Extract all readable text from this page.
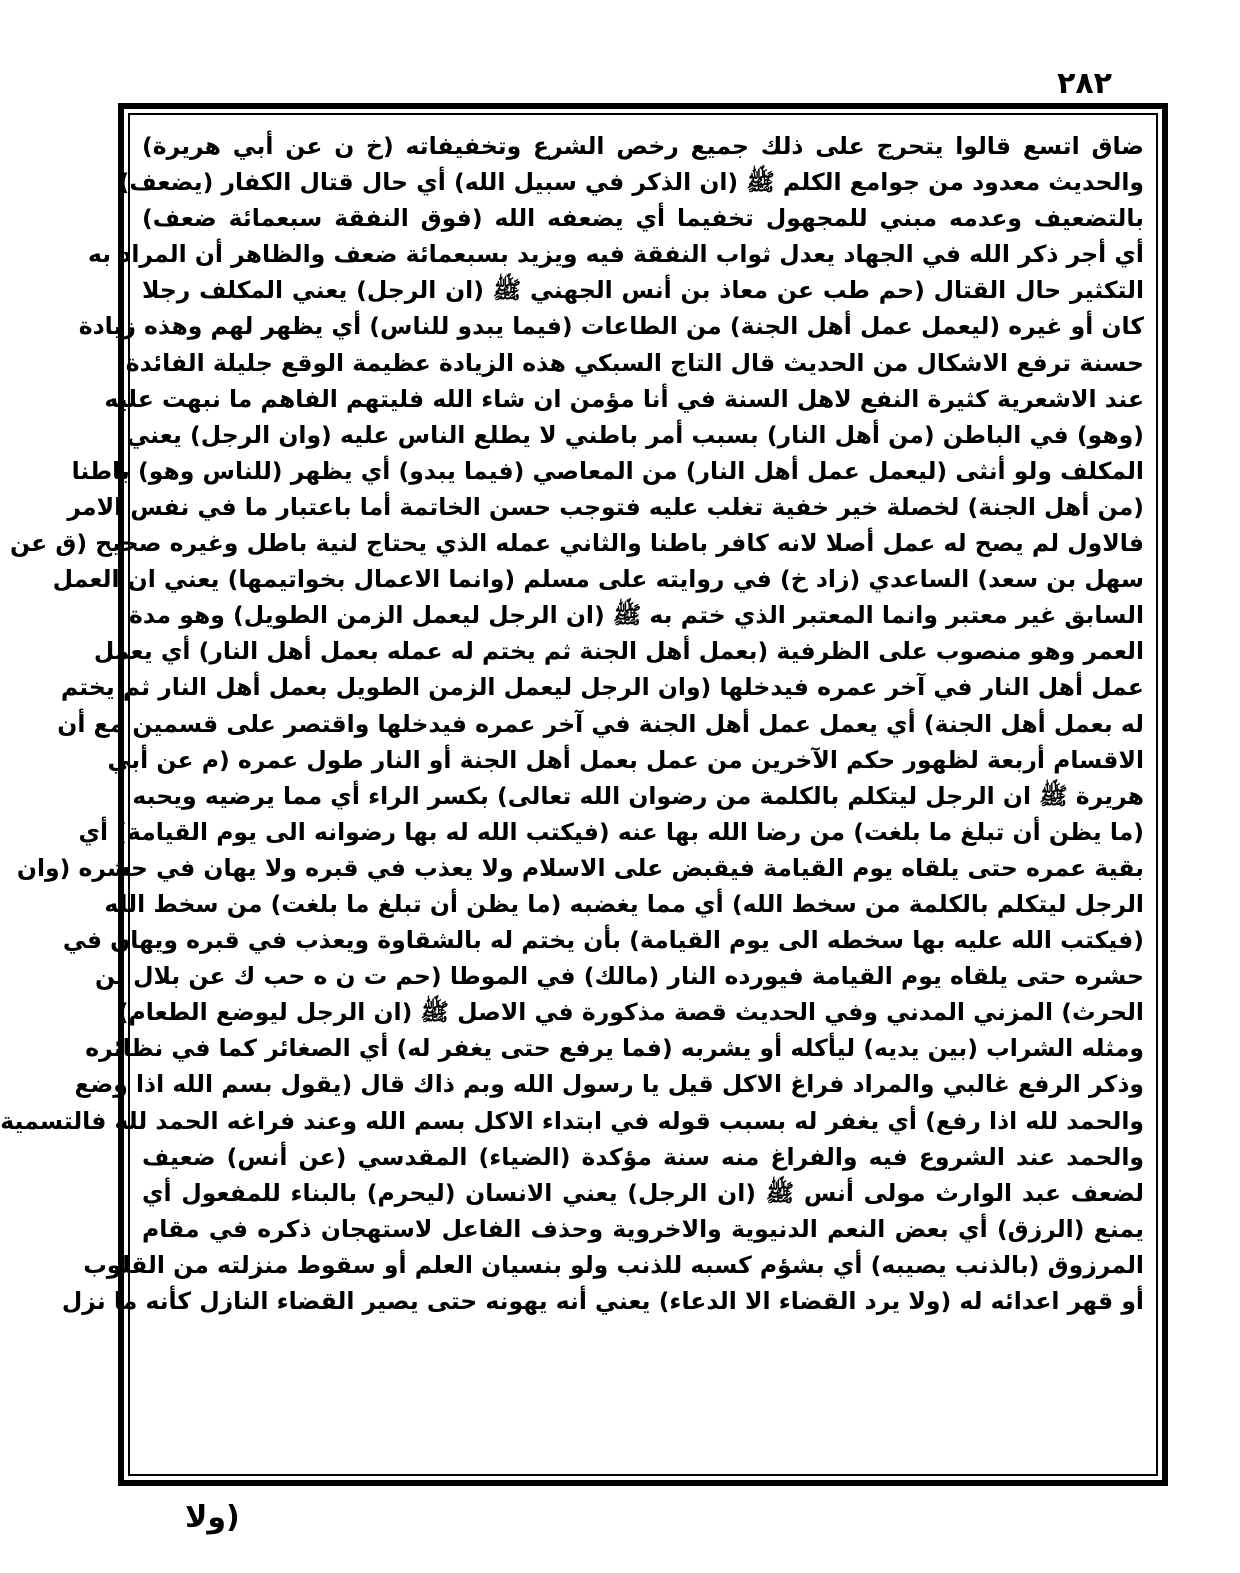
٢٨٢
ضاق اتسع قالوا يتحرج على ذلك جميع رخص الشرع وتخفيفاته (خ ن عن أبي هريرة)
والحديث معدود من جوامع الكلم ﷺ (ان الذكر في سبيل الله) أي حال قتال الكفار (يضعف)
بالتضعيف وعدمه مبني للمجهول تخفيما أي يضعفه الله (فوق النفقة سبعمائة ضعف)
أي أجر ذكر الله في الجهاد يعدل ثواب النفقة فيه ويزيد بسبعمائة ضعف والظاهر أن المراد به
التكثير حال القتال (حم طب عن معاذ بن أنس الجهني ﷺ (ان الرجل) يعني المكلف رجلا
كان أو غيره (ليعمل عمل أهل الجنة) من الطاعات (فيما يبدو للناس) أي يظهر لهم وهذه زيادة
حسنة ترفع الاشكال من الحديث قال التاج السبكي هذه الزيادة عظيمة الوقع جليلة الفائدة
عند الاشعرية كثيرة النفع لاهل السنة في أنا مؤمن ان شاء الله فليتهم الفاهم ما نبهت عليه
(وهو) في الباطن (من أهل النار) بسبب أمر باطني لا يطلع الناس عليه (وان الرجل) يعني
المكلف ولو أنثى (ليعمل عمل أهل النار) من المعاصي (فيما يبدو) أي يظهر (للناس وهو) باطنا
(من أهل الجنة) لخصلة خير خفية تغلب عليه فتوجب حسن الخاتمة أما باعتبار ما في نفس الامر
فالاول لم يصح له عمل أصلا لانه كافر باطنا والثاني عمله الذي يحتاج لنية باطل وغيره صحيح (ق عن
سهل بن سعد) الساعدي (زاد خ) في روايته على مسلم (وانما الاعمال بخواتيمها) يعني ان العمل
السابق غير معتبر وانما المعتبر الذي ختم به ﷺ (ان الرجل ليعمل الزمن الطويل) وهو مدة
العمر وهو منصوب على الظرفية (بعمل أهل الجنة ثم يختم له عمله بعمل أهل النار) أي يعمل
عمل أهل النار في آخر عمره فيدخلها (وان الرجل ليعمل الزمن الطويل بعمل أهل النار ثم يختم
له بعمل أهل الجنة) أي يعمل عمل أهل الجنة في آخر عمره فيدخلها واقتصر على قسمين مع أن
الاقسام أربعة لظهور حكم الآخرين من عمل بعمل أهل الجنة أو النار طول عمره (م عن أبي
هريرة ﷺ ان الرجل ليتكلم بالكلمة من رضوان الله تعالى) بكسر الراء أي مما يرضيه ويحبه
(ما يظن أن تبلغ ما بلغت) من رضا الله بها عنه (فيكتب الله له بها رضوانه الى يوم القيامة) أي
بقية عمره حتى يلقاه يوم القيامة فيقبض على الاسلام ولا يعذب في قبره ولا يهان في حشره (وان
الرجل ليتكلم بالكلمة من سخط الله) أي مما يغضبه (ما يظن أن تبلغ ما بلغت) من سخط الله
(فيكتب الله عليه بها سخطه الى يوم القيامة) بأن يختم له بالشقاوة ويعذب في قبره ويهان في
حشره حتى يلقاه يوم القيامة فيورده النار (مالك) في الموطا (حم ت ن ه حب ك عن بلال بن
الحرث) المزني المدني وفي الحديث قصة مذكورة في الاصل ﷺ (ان الرجل ليوضع الطعام)
ومثله الشراب (بين يديه) ليأكله أو يشربه (فما يرفع حتى يغفر له) أي الصغائر كما في نظائره
وذكر الرفع غالبي والمراد فراغ الاكل قيل يا رسول الله وبم ذاك قال (يقول بسم الله اذا وضع
والحمد لله اذا رفع) أي يغفر له بسبب قوله في ابتداء الاكل بسم الله وعند فراغه الحمد لله فالتسمية
والحمد عند الشروع فيه والفراغ منه سنة مؤكدة (الضياء) المقدسي (عن أنس) ضعيف
لضعف عبد الوارث مولى أنس ﷺ (ان الرجل) يعني الانسان (ليحرم) بالبناء للمفعول أي
يمنع (الرزق) أي بعض النعم الدنيوية والاخروية وحذف الفاعل لاستهجان ذكره في مقام
المرزوق (بالذنب يصيبه) أي بشؤم كسبه للذنب ولو بنسيان العلم أو سقوط منزلته من القلوب
أو قهر اعدائه له (ولا يرد القضاء الا الدعاء) يعني أنه يهونه حتى يصير القضاء النازل كأنه ما نزل
(ولا
